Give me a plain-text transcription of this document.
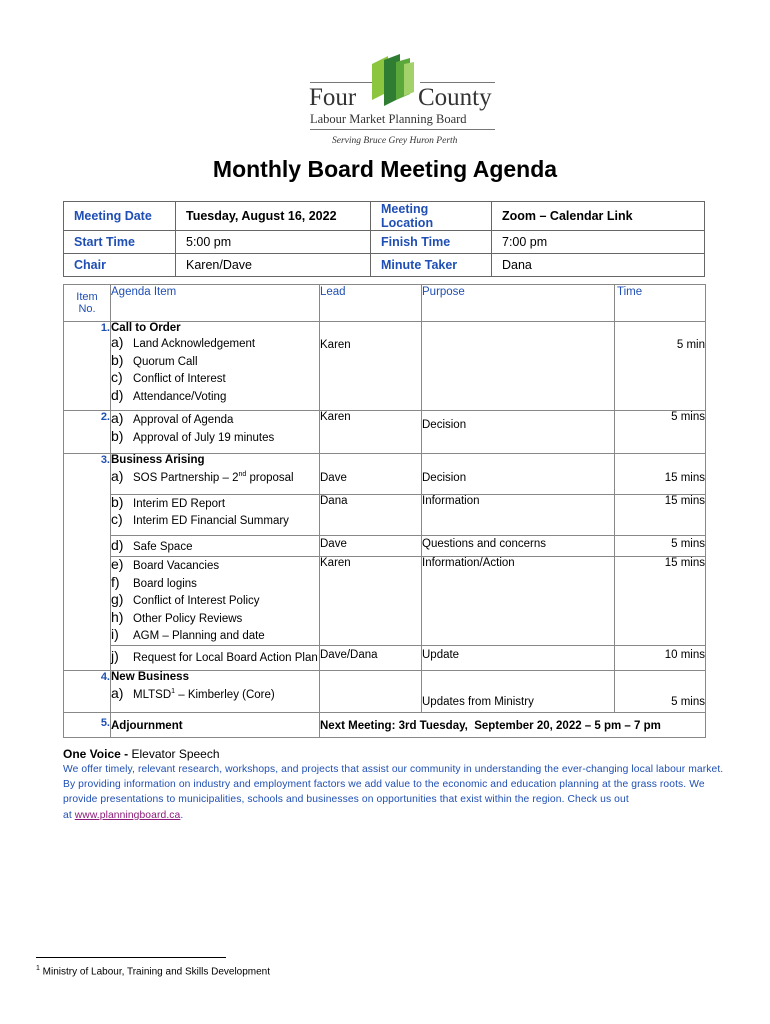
Four County
Labour Market Planning Board
Serving Bruce Grey Huron Perth
Monthly Board Meeting Agenda
Meeting Date	Tuesday, August 16, 2022	Meeting Location	Zoom – Calendar Link
Start Time	5:00 pm	Finish Time	7:00 pm
Chair	Karen/Dave	Minute Taker	Dana
Item
No.

Agenda Item	Lead	Purpose	Time

1.	Call to Order
a) Land Acknowledgement
b) Quorum Call
c) Conflict of Interest
d) Attendance/Voting
	Karen		5 min
2.	a) Approval of Agenda
b) Approval of July 19 minutes
	Karen	Decision	5 mins
3.	Business Arising
a) SOS Partnership – 2nd proposal	Dave	Decision	15 mins

b) Interim ED Report
c) Interim ED Financial Summary
	Dana	Information	15 mins

d) Safe Space	Dave	Questions and concerns	5 mins

e) Board Vacancies
f)	Board logins
g) Conflict of Interest Policy
h) Other Policy Reviews
i)	AGM – Planning and date
	Karen	Information/Action	15 mins

j)	Request for Local Board Action Plan	Dave/Dana	Update	10 mins

4.	New Business
a) MLTSD$^1$ – Kimberley (Core)
		Updates from Ministry	5 mins
5.	Adjournment	Next Meeting: 3rd Tuesday,  September 20, 2022 – 5 pm – 7 pm
One Voice - Elevator Speech
We offer timely, relevant research, workshops, and projects that assist our community in understanding the ever-changing local labour market.
By providing information on industry and employment factors we add value to the economic and education planning at the grass roots. We
provide presentations to municipalities, schools and businesses on opportunities that exist within the region. Check us out
at www.planningboard.ca.
$^1$ Ministry of Labour, Training and Skills Development
